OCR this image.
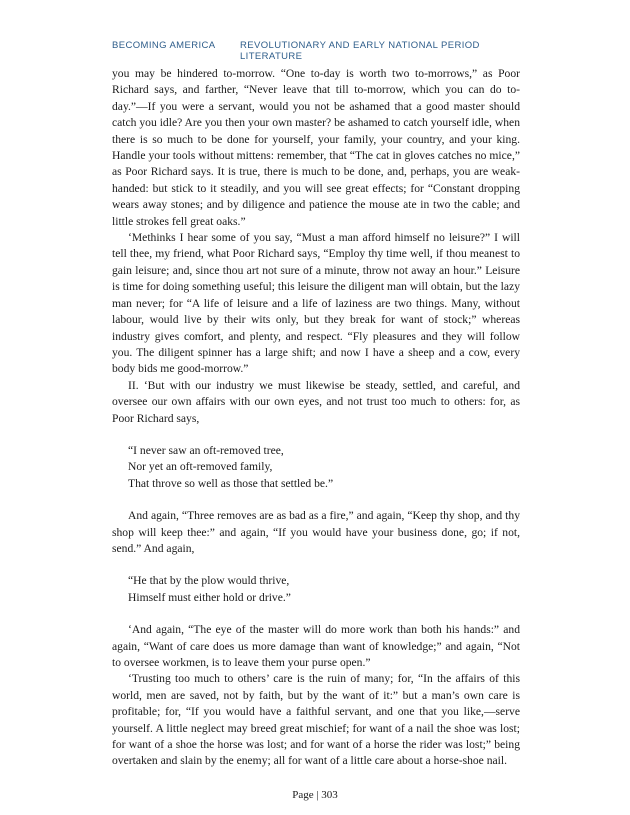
BECOMING AMERICA	REVOLUTIONARY AND EARLY NATIONAL PERIOD LITERATURE

you may be hindered to-morrow. “One to-day is worth two to-morrows,” as Poor Richard says, and farther, “Never leave that till to-morrow, which you can do to-day.”—If you were a servant, would you not be ashamed that a good master should catch you idle? Are you then your own master? be ashamed to catch yourself idle, when there is so much to be done for yourself, your family, your country, and your king. Handle your tools without mittens: remember, that “The cat in gloves catches no mice,” as Poor Richard says. It is true, there is much to be done, and, perhaps, you are weak-handed: but stick to it steadily, and you will see great effects; for “Constant dropping wears away stones; and by diligence and patience the mouse ate in two the cable; and little strokes fell great oaks.”

‘Methinks I hear some of you say, “Must a man afford himself no leisure?” I will tell thee, my friend, what Poor Richard says, “Employ thy time well, if thou meanest to gain leisure; and, since thou art not sure of a minute, throw not away an hour.” Leisure is time for doing something useful; this leisure the diligent man will obtain, but the lazy man never; for “A life of leisure and a life of laziness are two things. Many, without labour, would live by their wits only, but they break for want of stock;” whereas industry gives comfort, and plenty, and respect. “Fly pleasures and they will follow you. The diligent spinner has a large shift; and now I have a sheep and a cow, every body bids me good-morrow.”

II. ‘But with our industry we must likewise be steady, settled, and careful, and oversee our own affairs with our own eyes, and not trust too much to others: for, as Poor Richard says,

“I never saw an oft-removed tree,
Nor yet an oft-removed family,
That throve so well as those that settled be.”

And again, “Three removes are as bad as a fire,” and again, “Keep thy shop, and thy shop will keep thee:” and again, “If you would have your business done, go; if not, send.” And again,

“He that by the plow would thrive,
Himself must either hold or drive.”

‘And again, “The eye of the master will do more work than both his hands:” and again, “Want of care does us more damage than want of knowledge;” and again, “Not to oversee workmen, is to leave them your purse open.”

‘Trusting too much to others’ care is the ruin of many; for, “In the affairs of this world, men are saved, not by faith, but by the want of it:” but a man’s own care is profitable; for, “If you would have a faithful servant, and one that you like,—serve yourself. A little neglect may breed great mischief; for want of a nail the shoe was lost; for want of a shoe the horse was lost; and for want of a horse the rider was lost;” being overtaken and slain by the enemy; all for want of a little care about a horse-shoe nail.

Page | 303
